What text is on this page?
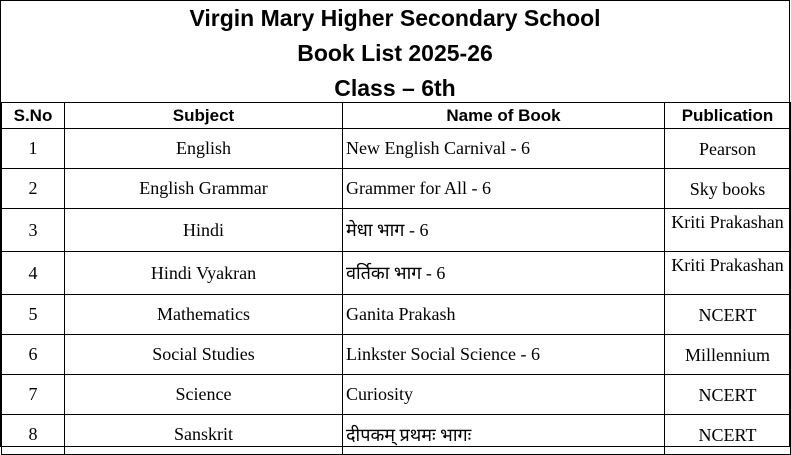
Virgin Mary Higher Secondary School
Book List 2025-26
Class – 6th
S.No	Subject	Name of Book	Publication
1	English	New English Carnival - 6	Pearson
2	English Grammar	Grammer for All - 6	Sky books
3	Hindi	मेधा भाग - 6	Kriti Prakashan

4	Hindi Vyakran	वर्तिका भाग - 6	Kriti Prakashan

5	Mathematics	Ganita Prakash	NCERT
6	Social Studies	Linkster Social Science - 6	Millennium
7	Science	Curiosity	NCERT
8	Sanskrit	दीपकम् प्रथमः भागः	NCERT
